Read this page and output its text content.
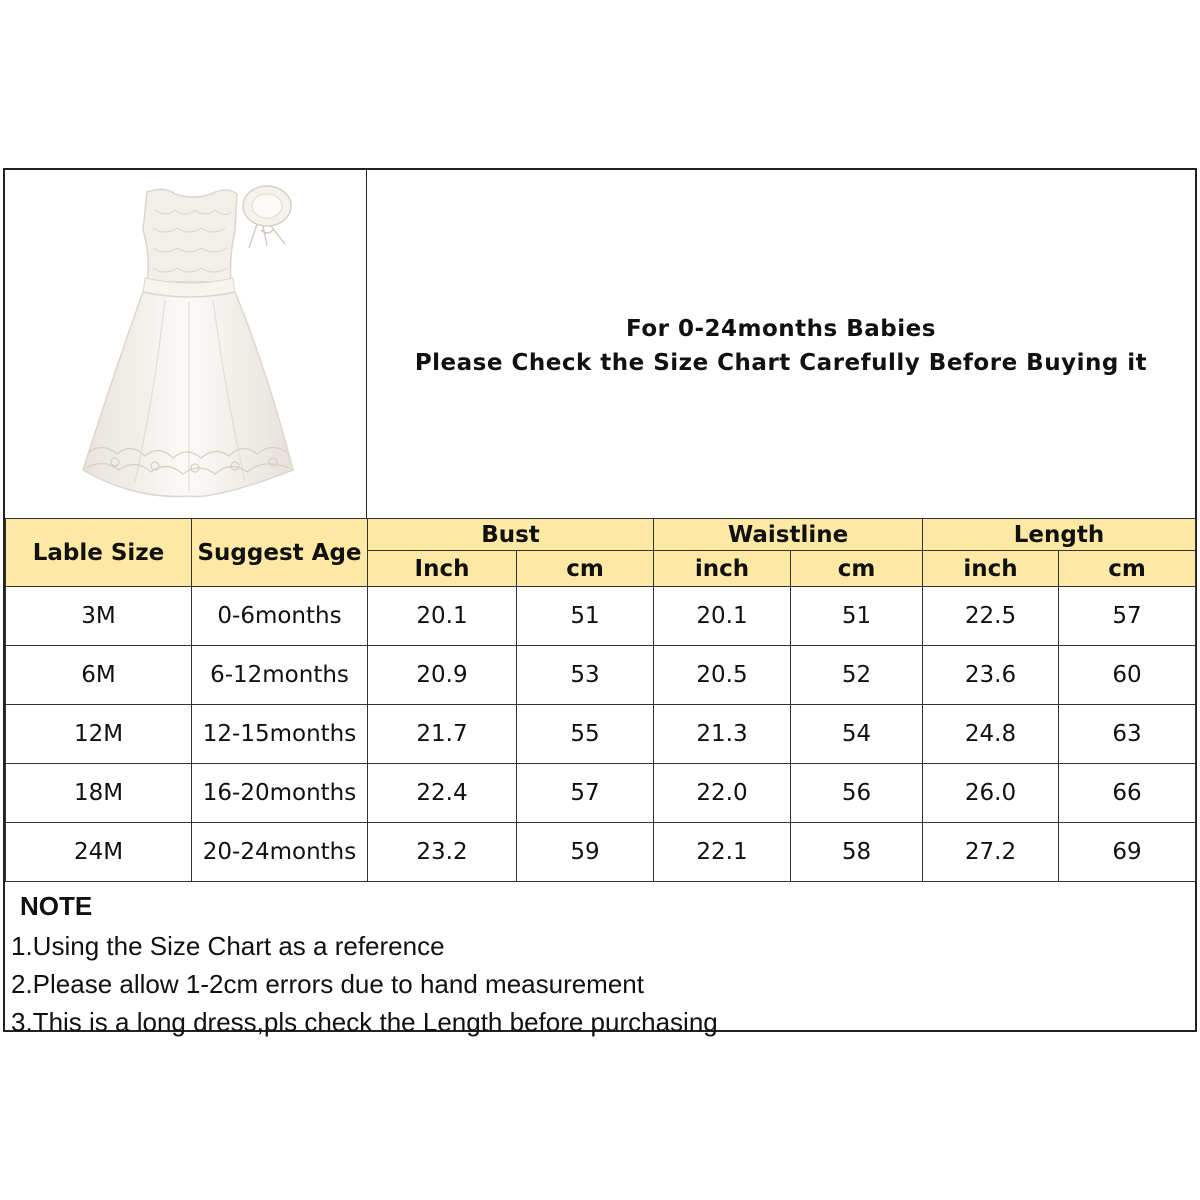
For 0-24months Babies
Please Check the Size Chart Carefully Before Buying it
Lable Size	Suggest Age	Bust		Waistline		Length	
		Inch	cm	inch	cm	inch	cm
3M	0-6months	20.1	51	20.1	51	22.5	57
6M	6-12months	20.9	53	20.5	52	23.6	60
12M	12-15months	21.7	55	21.3	54	24.8	63
18M	16-20months	22.4	57	22.0	56	26.0	66
24M	20-24months	23.2	59	22.1	58	27.2	69
NOTE
1.Using the Size Chart as a reference
2.Please allow 1-2cm errors due to hand measurement
3.This is a long dress,pls check the Length before purchasing
